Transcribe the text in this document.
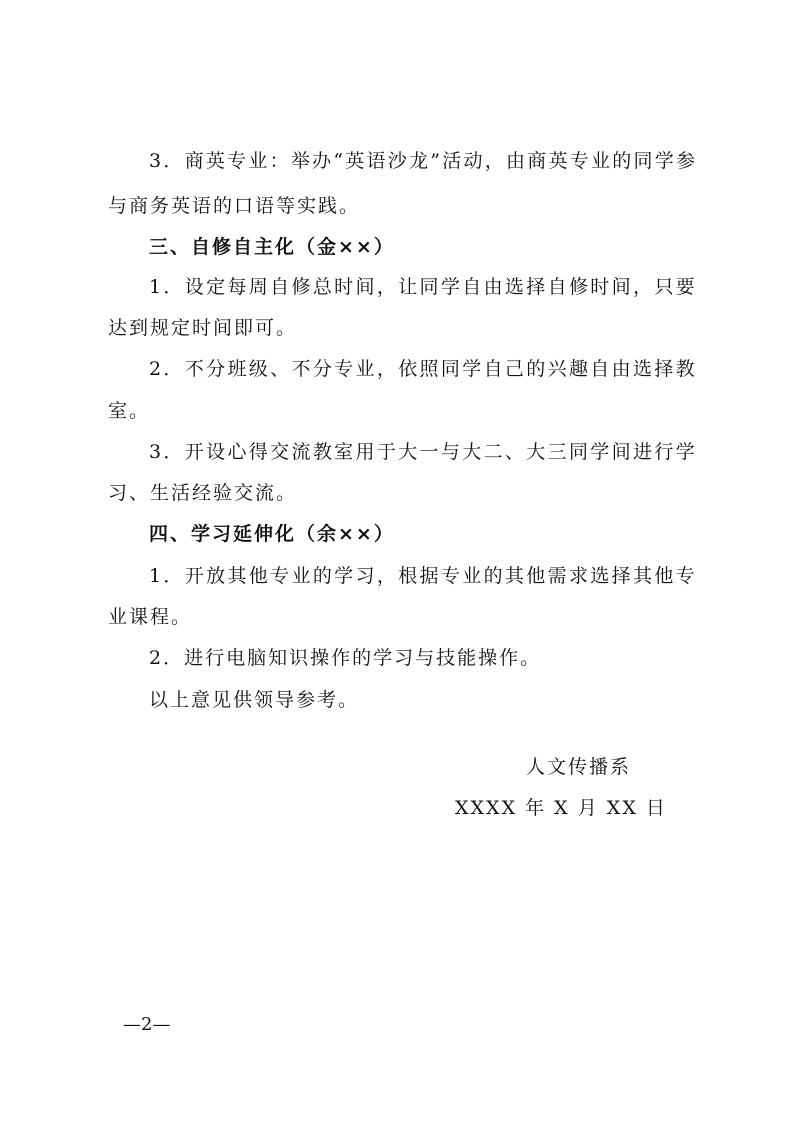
3 ． 商 英 专 业 ： 举 办 “ 英 语 沙 龙 ” 活 动 ， 由 商 英 专 业 的 同 学 参
与商务英语的口语等实践。
三、自修自主化（金××）
1 ． 设 定 每 周 自 修 总 时 间 ， 让 同 学 自 由 选 择 自 修 时 间 ， 只 要
达到规定时间即可。
2 ． 不 分 班 级 、 不 分 专 业 ， 依 照 同 学 自 己 的 兴 趣 自 由 选 择 教
室。
3 ． 开 设 心 得 交 流 教 室 用 于 大 一 与 大 二 、 大 三 同 学 间 进 行 学
习、生活经验交流。
四、学习延伸化（余××）
1 ． 开 放 其 他 专 业 的 学 习 ， 根 据 专 业 的 其 他 需 求 选 择 其 他 专
业课程。
2．进行电脑知识操作的学习与技能操作。
以上意见供领导参考。
人文传播系
XXXX 年 X 月 XX 日
—2—
